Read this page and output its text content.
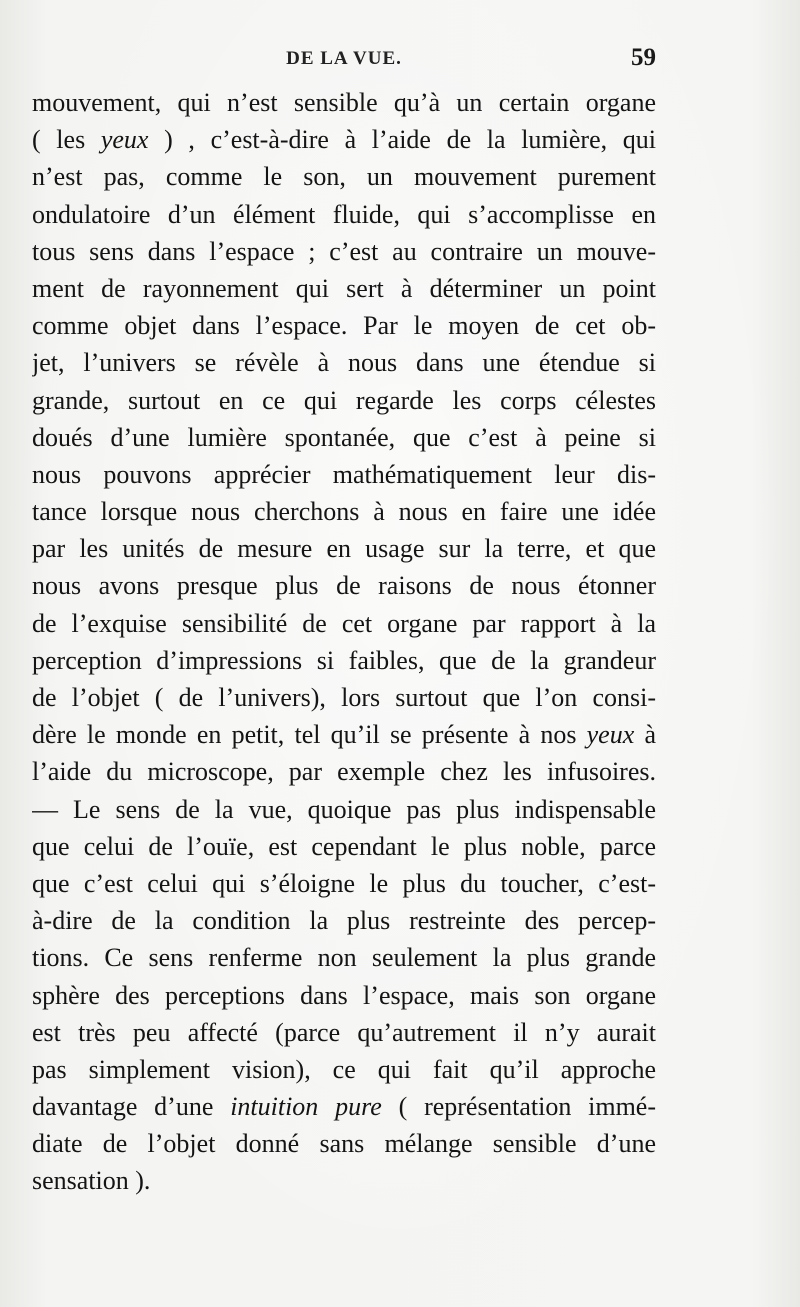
DE LA VUE.	59
mouvement, qui n’est sensible qu’à un certain organe
( les yeux ) , c’est-à-dire à l’aide de la lumière, qui
n’est pas, comme le son, un mouvement purement
ondulatoire d’un élément fluide, qui s’accomplisse en
tous sens dans l’espace ; c’est au contraire un mouve-
ment de rayonnement qui sert à déterminer un point
comme objet dans l’espace. Par le moyen de cet ob-
jet, l’univers se révèle à nous dans une étendue si
grande, surtout en ce qui regarde les corps célestes
doués d’une lumière spontanée, que c’est à peine si
nous pouvons apprécier mathématiquement leur dis-
tance lorsque nous cherchons à nous en faire une idée
par les unités de mesure en usage sur la terre, et que
nous avons presque plus de raisons de nous étonner
de l’exquise sensibilité de cet organe par rapport à la
perception d’impressions si faibles, que de la grandeur
de l’objet ( de l’univers), lors surtout que l’on consi-
dère le monde en petit, tel qu’il se présente à nos yeux à
l’aide du microscope, par exemple chez les infusoires.
— Le sens de la vue, quoique pas plus indispensable
que celui de l’ouïe, est cependant le plus noble, parce
que c’est celui qui s’éloigne le plus du toucher, c’est-
à-dire de la condition la plus restreinte des percep-
tions. Ce sens renferme non seulement la plus grande
sphère des perceptions dans l’espace, mais son organe
est très peu affecté (parce qu’autrement il n’y aurait
pas simplement vision), ce qui fait qu’il approche
davantage d’une intuition pure ( représentation immé-
diate de l’objet donné sans mélange sensible d’une
sensation ).
